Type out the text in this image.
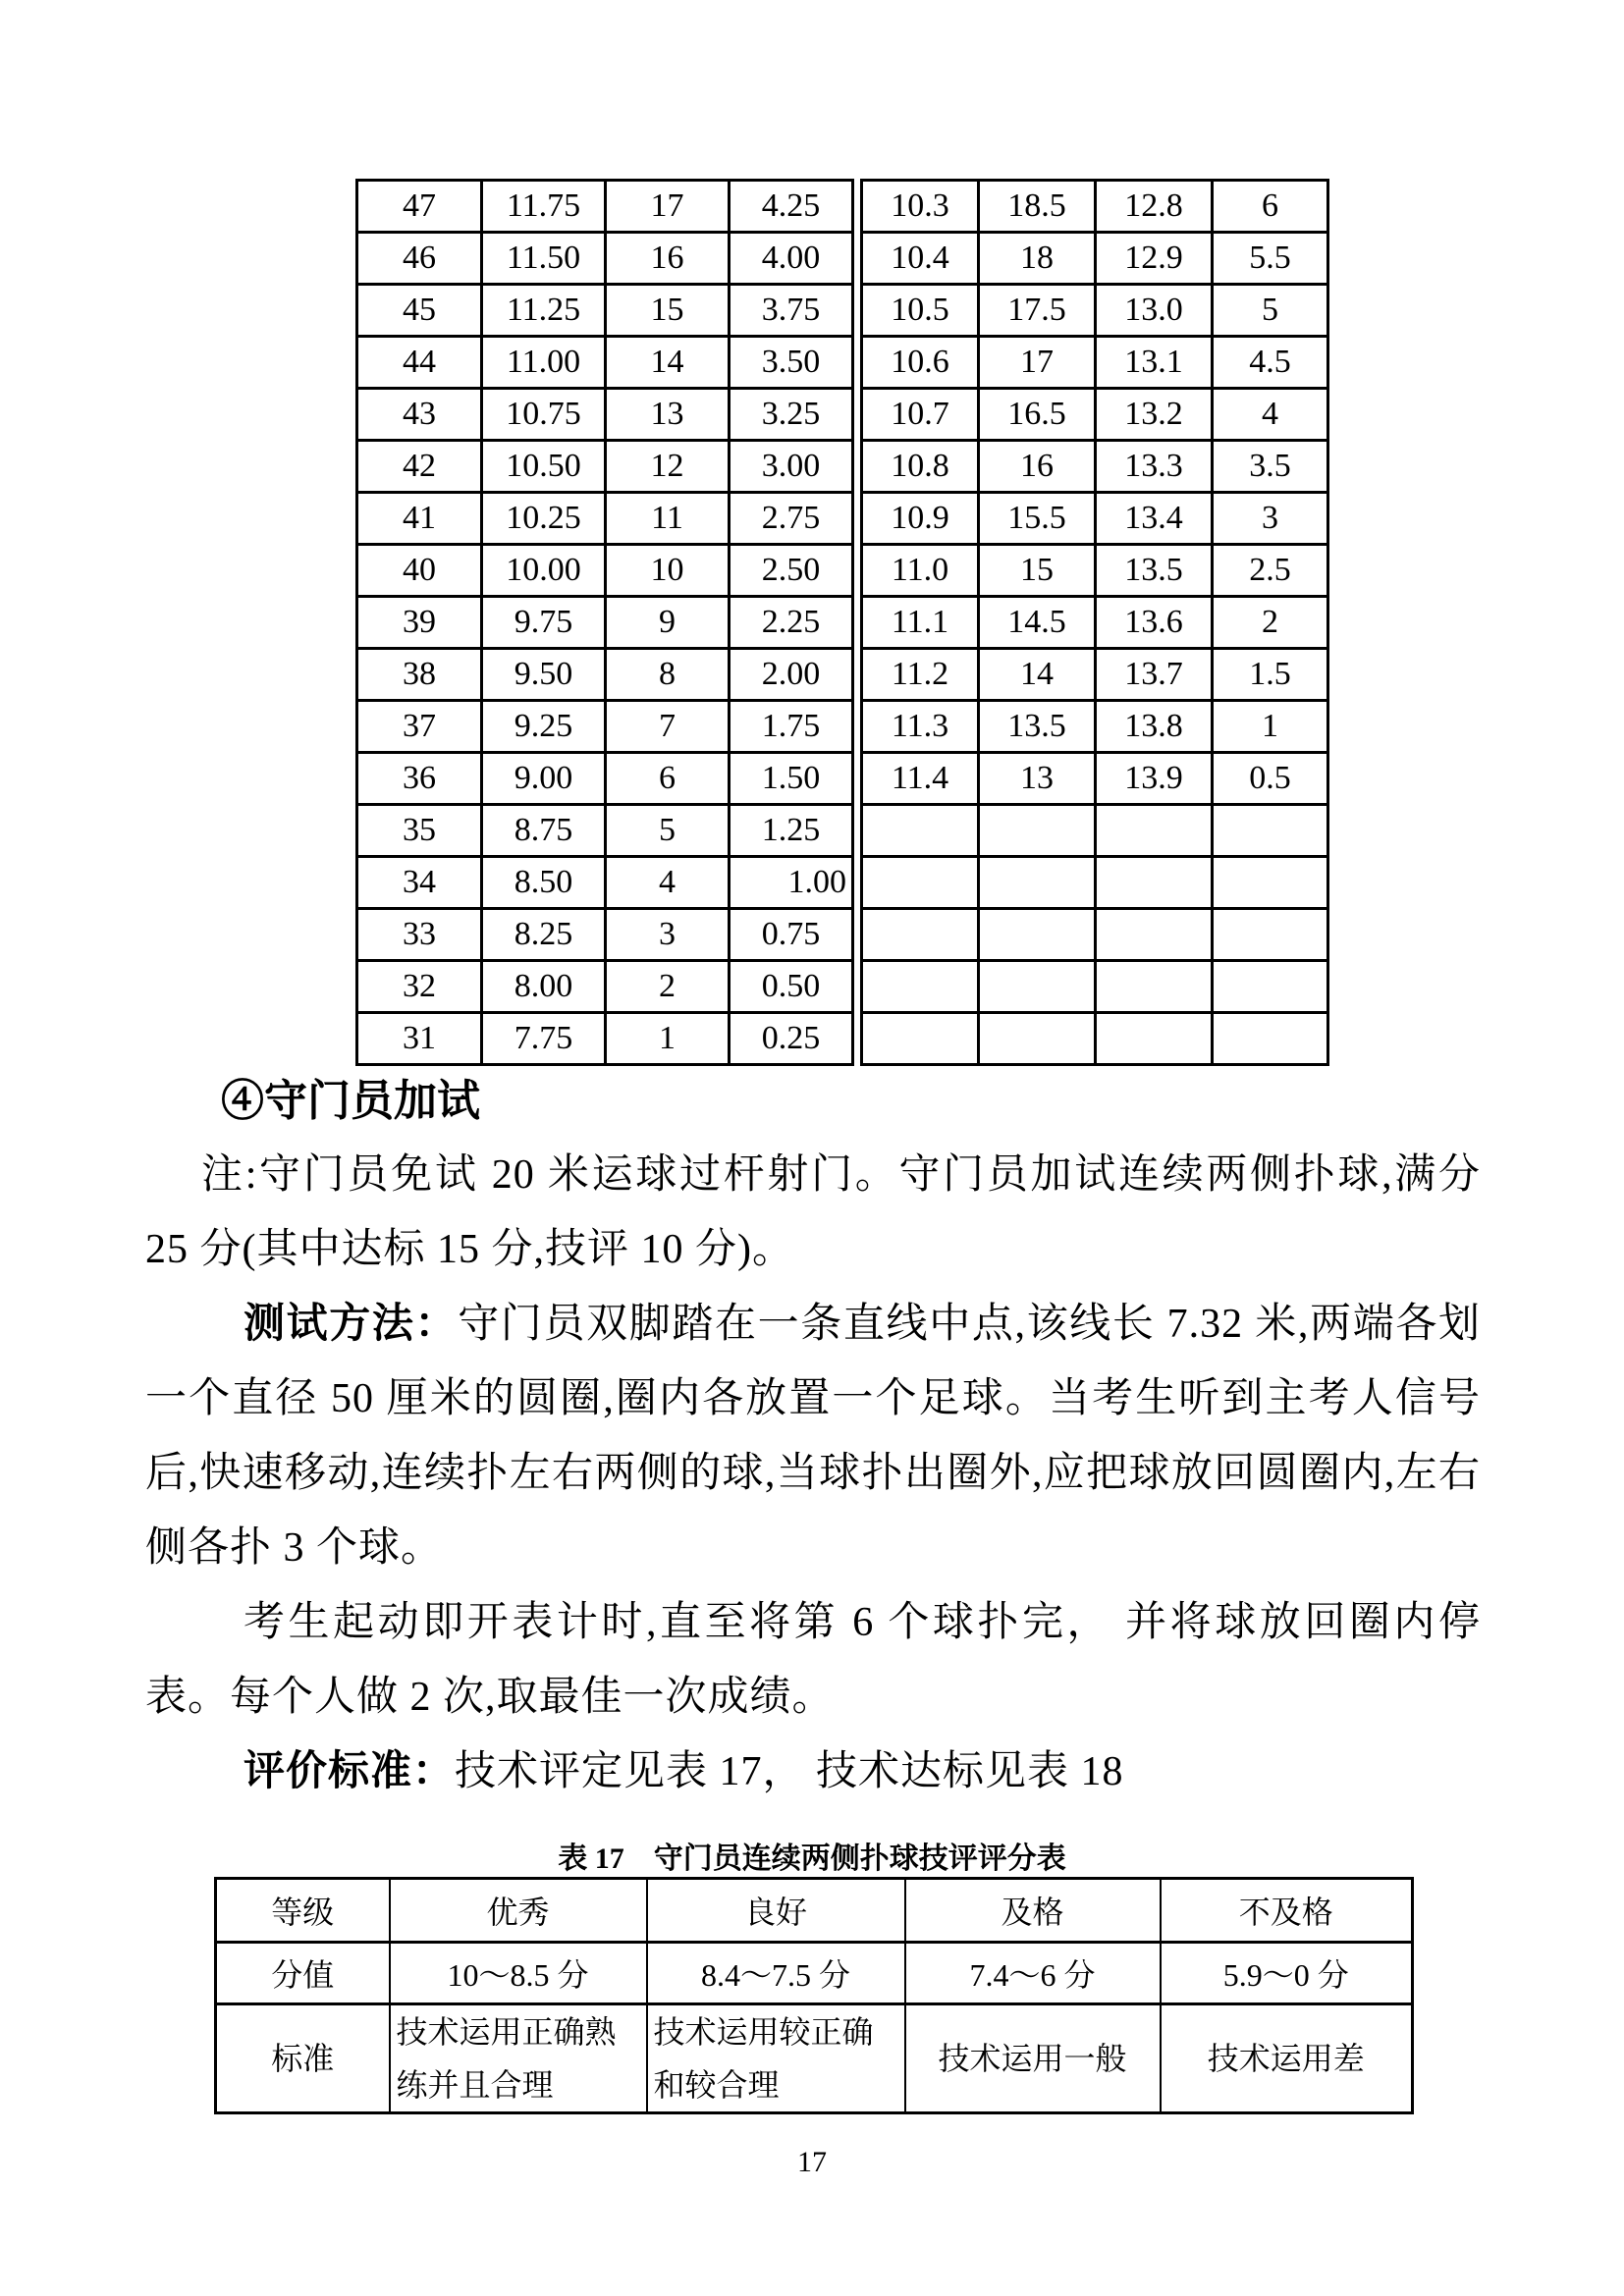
47	11.75	17	4.25
46	11.50	16	4.00
45	11.25	15	3.75
44	11.00	14	3.50
43	10.75	13	3.25
42	10.50	12	3.00
41	10.25	11	2.75
40	10.00	10	2.50
39	9.75	9	2.25
38	9.50	8	2.00
37	9.25	7	1.75
36	9.00	6	1.50
35	8.75	5	1.25
34	8.50	4	1.00
33	8.25	3	0.75
32	8.00	2	0.50
31	7.75	1	0.25
10.3	18.5	12.8	6
10.4	18	12.9	5.5
10.5	17.5	13.0	5
10.6	17	13.1	4.5
10.7	16.5	13.2	4
10.8	16	13.3	3.5
10.9	15.5	13.4	3
11.0	15	13.5	2.5
11.1	14.5	13.6	2
11.2	14	13.7	1.5
11.3	13.5	13.8	1
11.4	13	13.9	0.5

④守门员加试

注:守门员免试 20 米运球过杆射门。守门员加试连续两侧扑球,满分 25 分(其中达标 15 分,技评 10 分)。

测试方法：守门员双脚踏在一条直线中点,该线长 7.32 米,两端各划一个直径 50 厘米的圆圈,圈内各放置一个足球。当考生听到主考人信号后,快速移动,连续扑左右两侧的球,当球扑出圈外,应把球放回圆圈内,左右侧各扑 3 个球。

考生起动即开表计时,直至将第 6 个球扑完， 并将球放回圈内停表。每个人做 2 次,取最佳一次成绩。

评价标准：技术评定见表 17， 技术达标见表 18

表 17　守门员连续两侧扑球技评评分表
等级	优秀	良好	及格	不及格
分值	10～8.5 分	8.4～7.5 分	7.4～6 分	5.9～0 分
标准	技术运用正确熟练并且合理	技术运用较正确和较合理	技术运用一般	技术运用差
17
